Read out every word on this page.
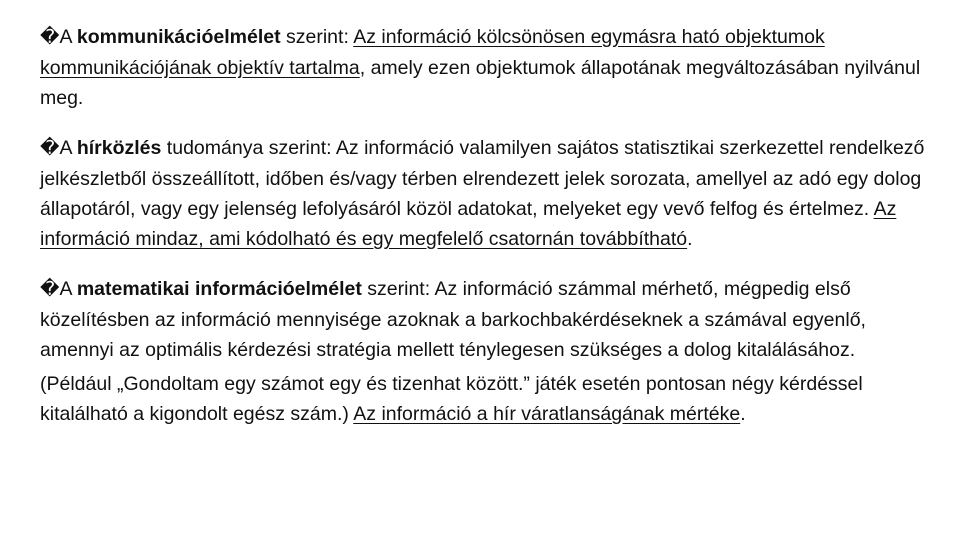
�A kommunikációelmélet szerint: Az információ kölcsönösen egymásra ható objektumok kommunikációjának objektív tartalma, amely ezen objektumok állapotának megváltozásában nyilvánul meg.

�A hírközlés tudománya szerint: Az információ valamilyen sajátos statisztikai szerkezettel rendelkező jelkészletből összeállított, időben és/vagy térben elrendezett jelek sorozata, amellyel az adó egy dolog állapotáról, vagy egy jelenség lefolyásáról közöl adatokat, melyeket egy vevő felfog és értelmez. Az információ mindaz, ami kódolható és egy megfelelő csatornán továbbítható.

�A matematikai információelmélet szerint: Az információ számmal mérhető, mégpedig első közelítésben az információ mennyisége azoknak a barkochbakérdéseknek a számával egyenlő, amennyi az optimális kérdezési stratégia mellett ténylegesen szükséges a dolog kitalálásához.
(Például „Gondoltam egy számot egy és tizenhat között.” játék esetén pontosan négy kérdéssel kitalálható a kigondolt egész szám.) Az információ a hír váratlanságának mértéke.
